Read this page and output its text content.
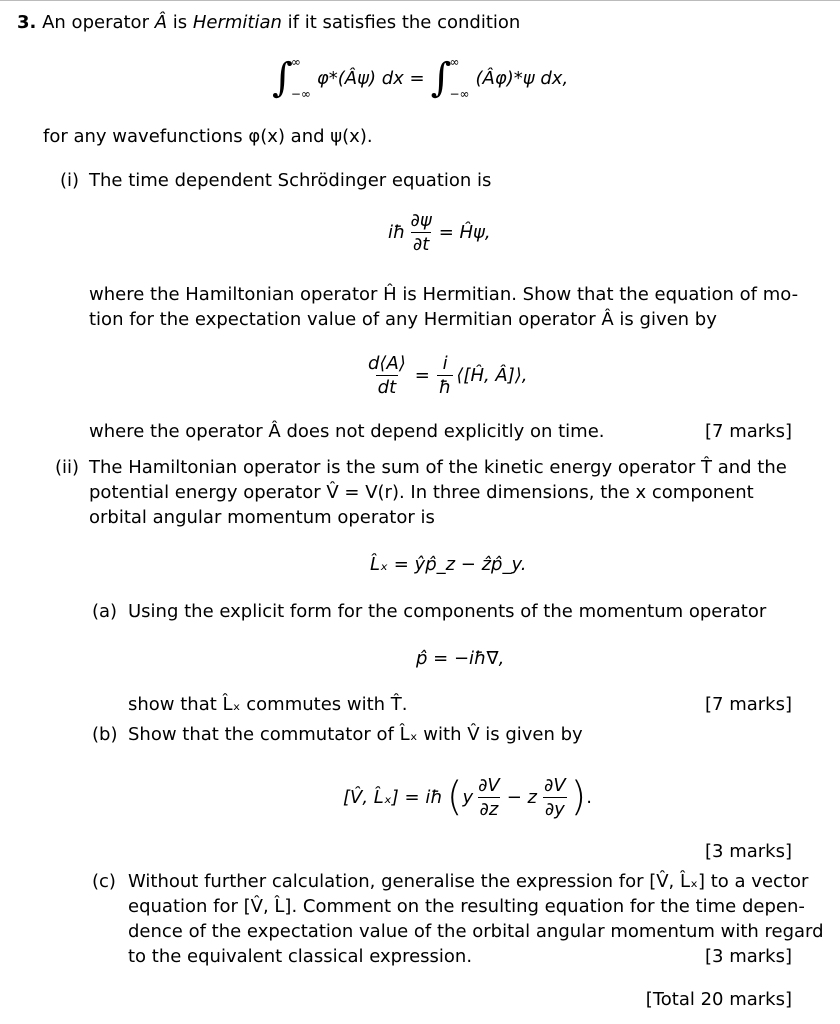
3. An operator Â is Hermitian if it satisfies the condition
∫
∞
−∞
φ*(Âψ) dx = ∫
∞
−∞
(Âφ)*ψ dx,
for any wavefunctions φ(x) and ψ(x).
(i) The time dependent Schrödinger equation is
iħ $\frac{\partial\psi}{\partial t}$ = Ĥψ,
where the Hamiltonian operator Ĥ is Hermitian. Show that the equation of mo-
tion for the expectation value of any Hermitian operator Â is given by
$\frac{d⟨A⟩}{dt} = \frac{i}{ħ}$ ⟨[Ĥ, Â]⟩,
where the operator Â does not depend explicitly on time.	[7 marks]
(ii) The Hamiltonian operator is the sum of the kinetic energy operator T̂ and the
potential energy operator V̂ = V(r). In three dimensions, the x component
orbital angular momentum operator is
L̂ₓ = ŷp̂_z − ẑp̂_y.
(a) Using the explicit form for the components of the momentum operator
p̂ = −iħ∇,
show that L̂ₓ commutes with T̂.	[7 marks]
(b) Show that the commutator of L̂ₓ with V̂ is given by
[V̂, L̂ₓ] = iħ ( y $\frac{\partial V}{\partial z} - z \frac{\partial V}{\partial y}$ ) .
[3 marks]
(c) Without further calculation, generalise the expression for [V̂, L̂ₓ] to a vector
equation for [V̂, L̂]. Comment on the resulting equation for the time depen-
dence of the expectation value of the orbital angular momentum with regard
to the equivalent classical expression.	[3 marks]
[Total 20 marks]
